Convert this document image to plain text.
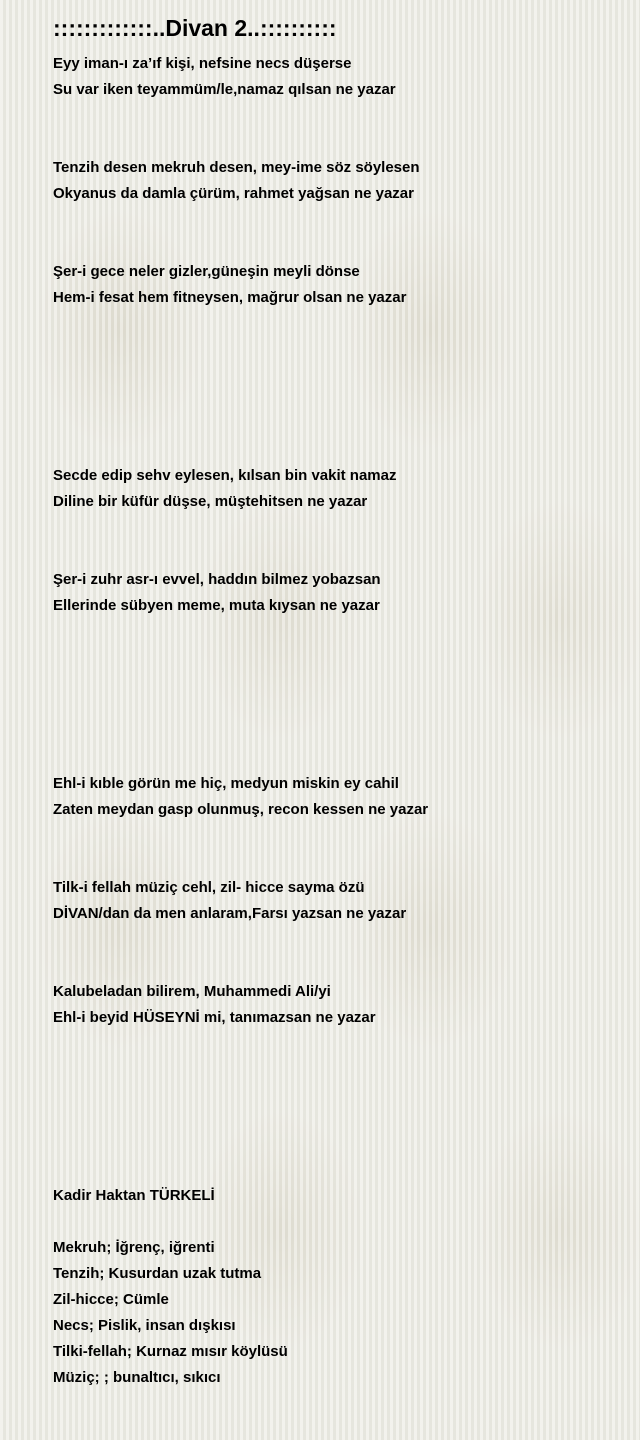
:::::::::::::..Divan 2..::::::::::

Eyy iman-ı za’ıf kişi, nefsine necs düşerse

Su var iken teyammüm/le,namaz qılsan ne yazar

Tenzih desen mekruh desen, mey-ime söz söylesen

Okyanus da damla çürüm, rahmet yağsan ne yazar

Şer-i gece neler gizler,güneşin meyli dönse

Hem-i fesat hem fitneysen, mağrur olsan ne yazar

Secde edip sehv eylesen, kılsan bin vakit namaz

Diline bir küfür düşse, müştehitsen ne yazar

Şer-i zuhr asr-ı evvel, haddın bilmez yobazsan

Ellerinde sübyen meme, muta kıysan ne yazar

Ehl-i kıble görün me hiç, medyun miskin ey cahil

Zaten meydan gasp olunmuş, recon kessen ne yazar

Tilk-i fellah müziç cehl, zil- hicce sayma özü

DİVAN/dan da men anlaram,Farsı yazsan ne yazar

Kalubeladan bilirem, Muhammedi Ali/yi

Ehl-i beyid HÜSEYNİ mi, tanımazsan ne yazar

Kadir Haktan TÜRKELİ

Mekruh; İğrenç, iğrenti

Tenzih; Kusurdan uzak tutma

Zil-hicce; Cümle

Necs; Pislik, insan dışkısı

Tilki-fellah; Kurnaz mısır köylüsü

Müziç; ; bunaltıcı, sıkıcı
